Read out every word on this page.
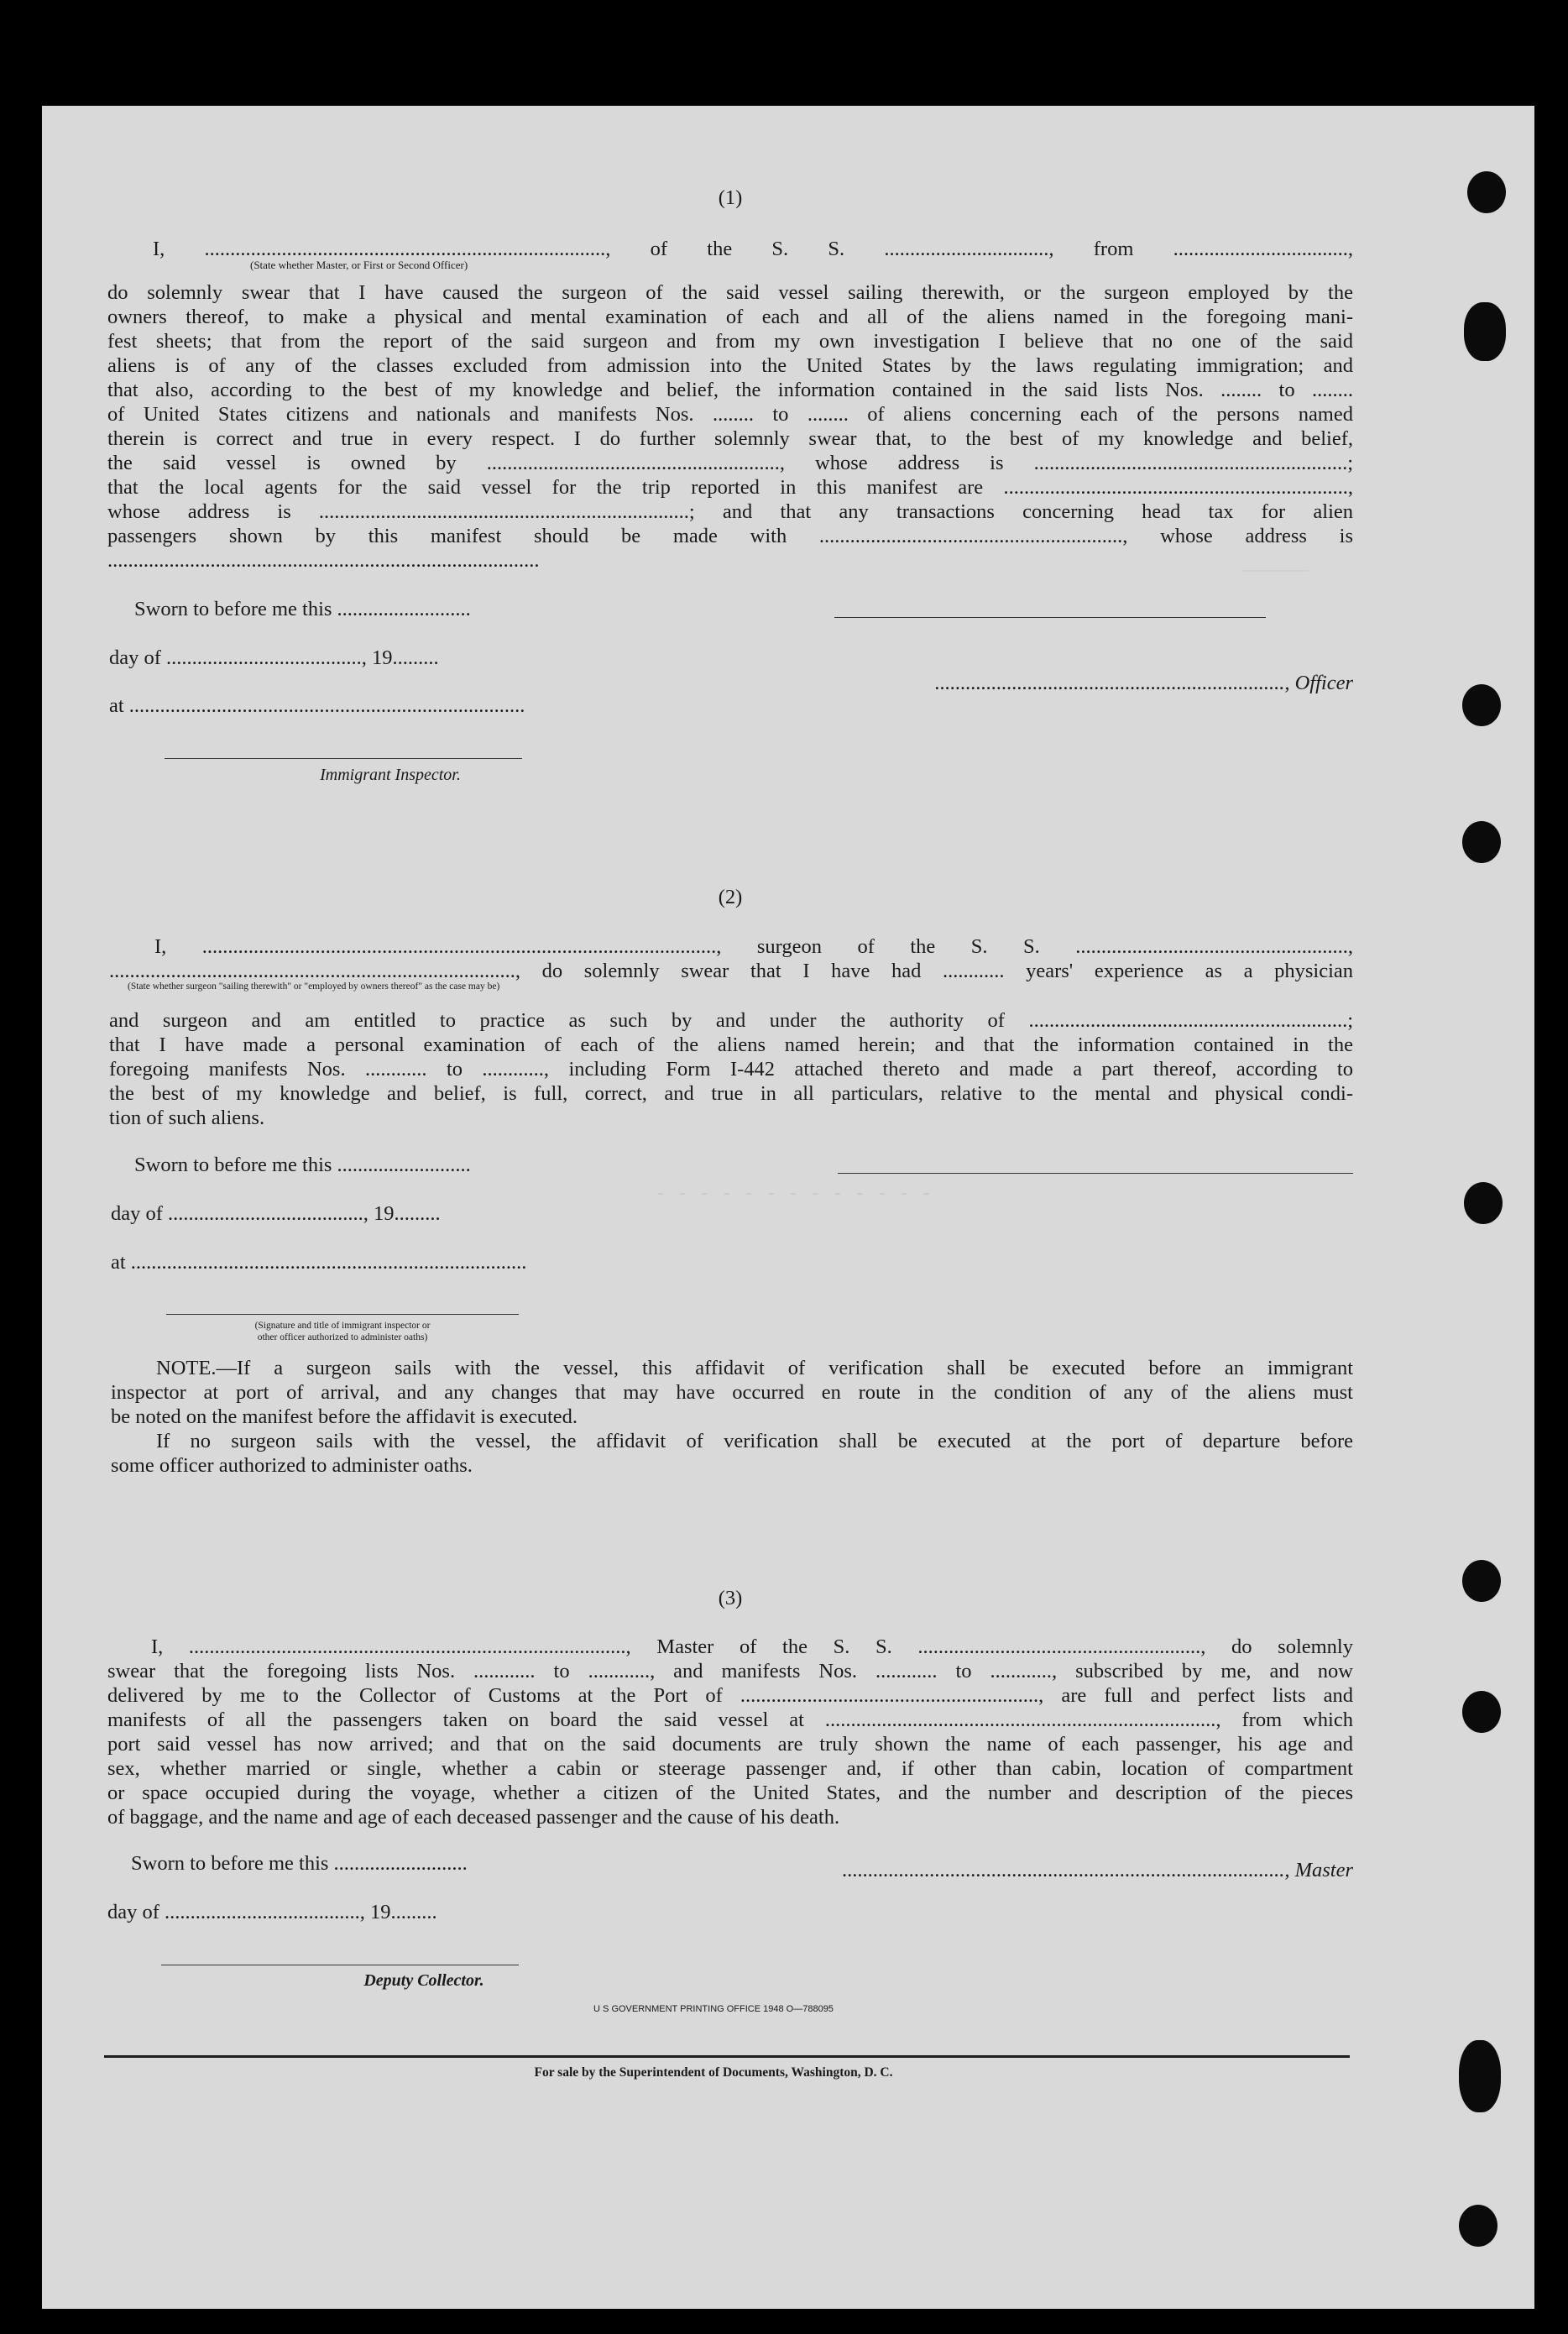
______
- - - - - - - - - - - - -
(1)
I, .............................................................................., of the S. S. ................................, from ..................................,
(State whether Master, or First or Second Officer)
do solemnly swear that I have caused the surgeon of the said vessel sailing therewith, or the surgeon employed by the
owners thereof, to make a physical and mental examination of each and all of the aliens named in the foregoing mani-
fest sheets; that from the report of the said surgeon and from my own investigation I believe that no one of the said
aliens is of any of the classes excluded from admission into the United States by the laws regulating immigration; and
that also, according to the best of my knowledge and belief, the information contained in the said lists Nos. ........ to ........
of United States citizens and nationals and manifests Nos. ........ to ........ of aliens concerning each of the persons named
therein is correct and true in every respect. I do further solemnly swear that, to the best of my knowledge and belief,
the said vessel is owned by ........................................................., whose address is .............................................................;
that the local agents for the said vessel for the trip reported in this manifest are ...................................................................,
whose address is ........................................................................; and that any transactions concerning head tax for alien
passengers shown by this manifest should be made with ..........................................................., whose address is
....................................................................................
Sworn to before me this ..........................
day of ......................................, 19.........
at .............................................................................
...................................................................., Officer
Immigrant Inspector.
(2)
I, ...................................................................................................., surgeon of the S. S. .....................................................,
..............................................................................., do solemnly swear that I have had ............ years' experience as a physician
(State whether surgeon "sailing therewith" or "employed by owners thereof" as the case may be)
and surgeon and am entitled to practice as such by and under the authority of ..............................................................;
that I have made a personal examination of each of the aliens named herein; and that the information contained in the
foregoing manifests Nos. ............ to ............, including Form I-442 attached thereto and made a part thereof, according to
the best of my knowledge and belief, is full, correct, and true in all particulars, relative to the mental and physical condi-
tion of such aliens.
Sworn to before me this ..........................
day of ......................................, 19.........
at .............................................................................
(Signature and title of immigrant inspector or
other officer authorized to administer oaths)
NOTE.—If a surgeon sails with the vessel, this affidavit of verification shall be executed before an immigrant
inspector at port of arrival, and any changes that may have occurred en route in the condition of any of the aliens must
be noted on the manifest before the affidavit is executed.
If no surgeon sails with the vessel, the affidavit of verification shall be executed at the port of departure before
some officer authorized to administer oaths.
(3)
I, ....................................................................................., Master of the S. S. ......................................................., do solemnly
swear that the foregoing lists Nos. ............ to ............, and manifests Nos. ............ to ............, subscribed by me, and now
delivered by me to the Collector of Customs at the Port of .........................................................., are full and perfect lists and
manifests of all the passengers taken on board the said vessel at ............................................................................, from which
port said vessel has now arrived; and that on the said documents are truly shown the name of each passenger, his age and
sex, whether married or single, whether a cabin or steerage passenger and, if other than cabin, location of compartment
or space occupied during the voyage, whether a citizen of the United States, and the number and description of the pieces
of baggage, and the name and age of each deceased passenger and the cause of his death.
Sworn to before me this ..........................	......................................................................................, Master
day of ......................................, 19.........
Deputy Collector.
U S GOVERNMENT PRINTING OFFICE 1948 O—788095
For sale by the Superintendent of Documents, Washington, D. C.
